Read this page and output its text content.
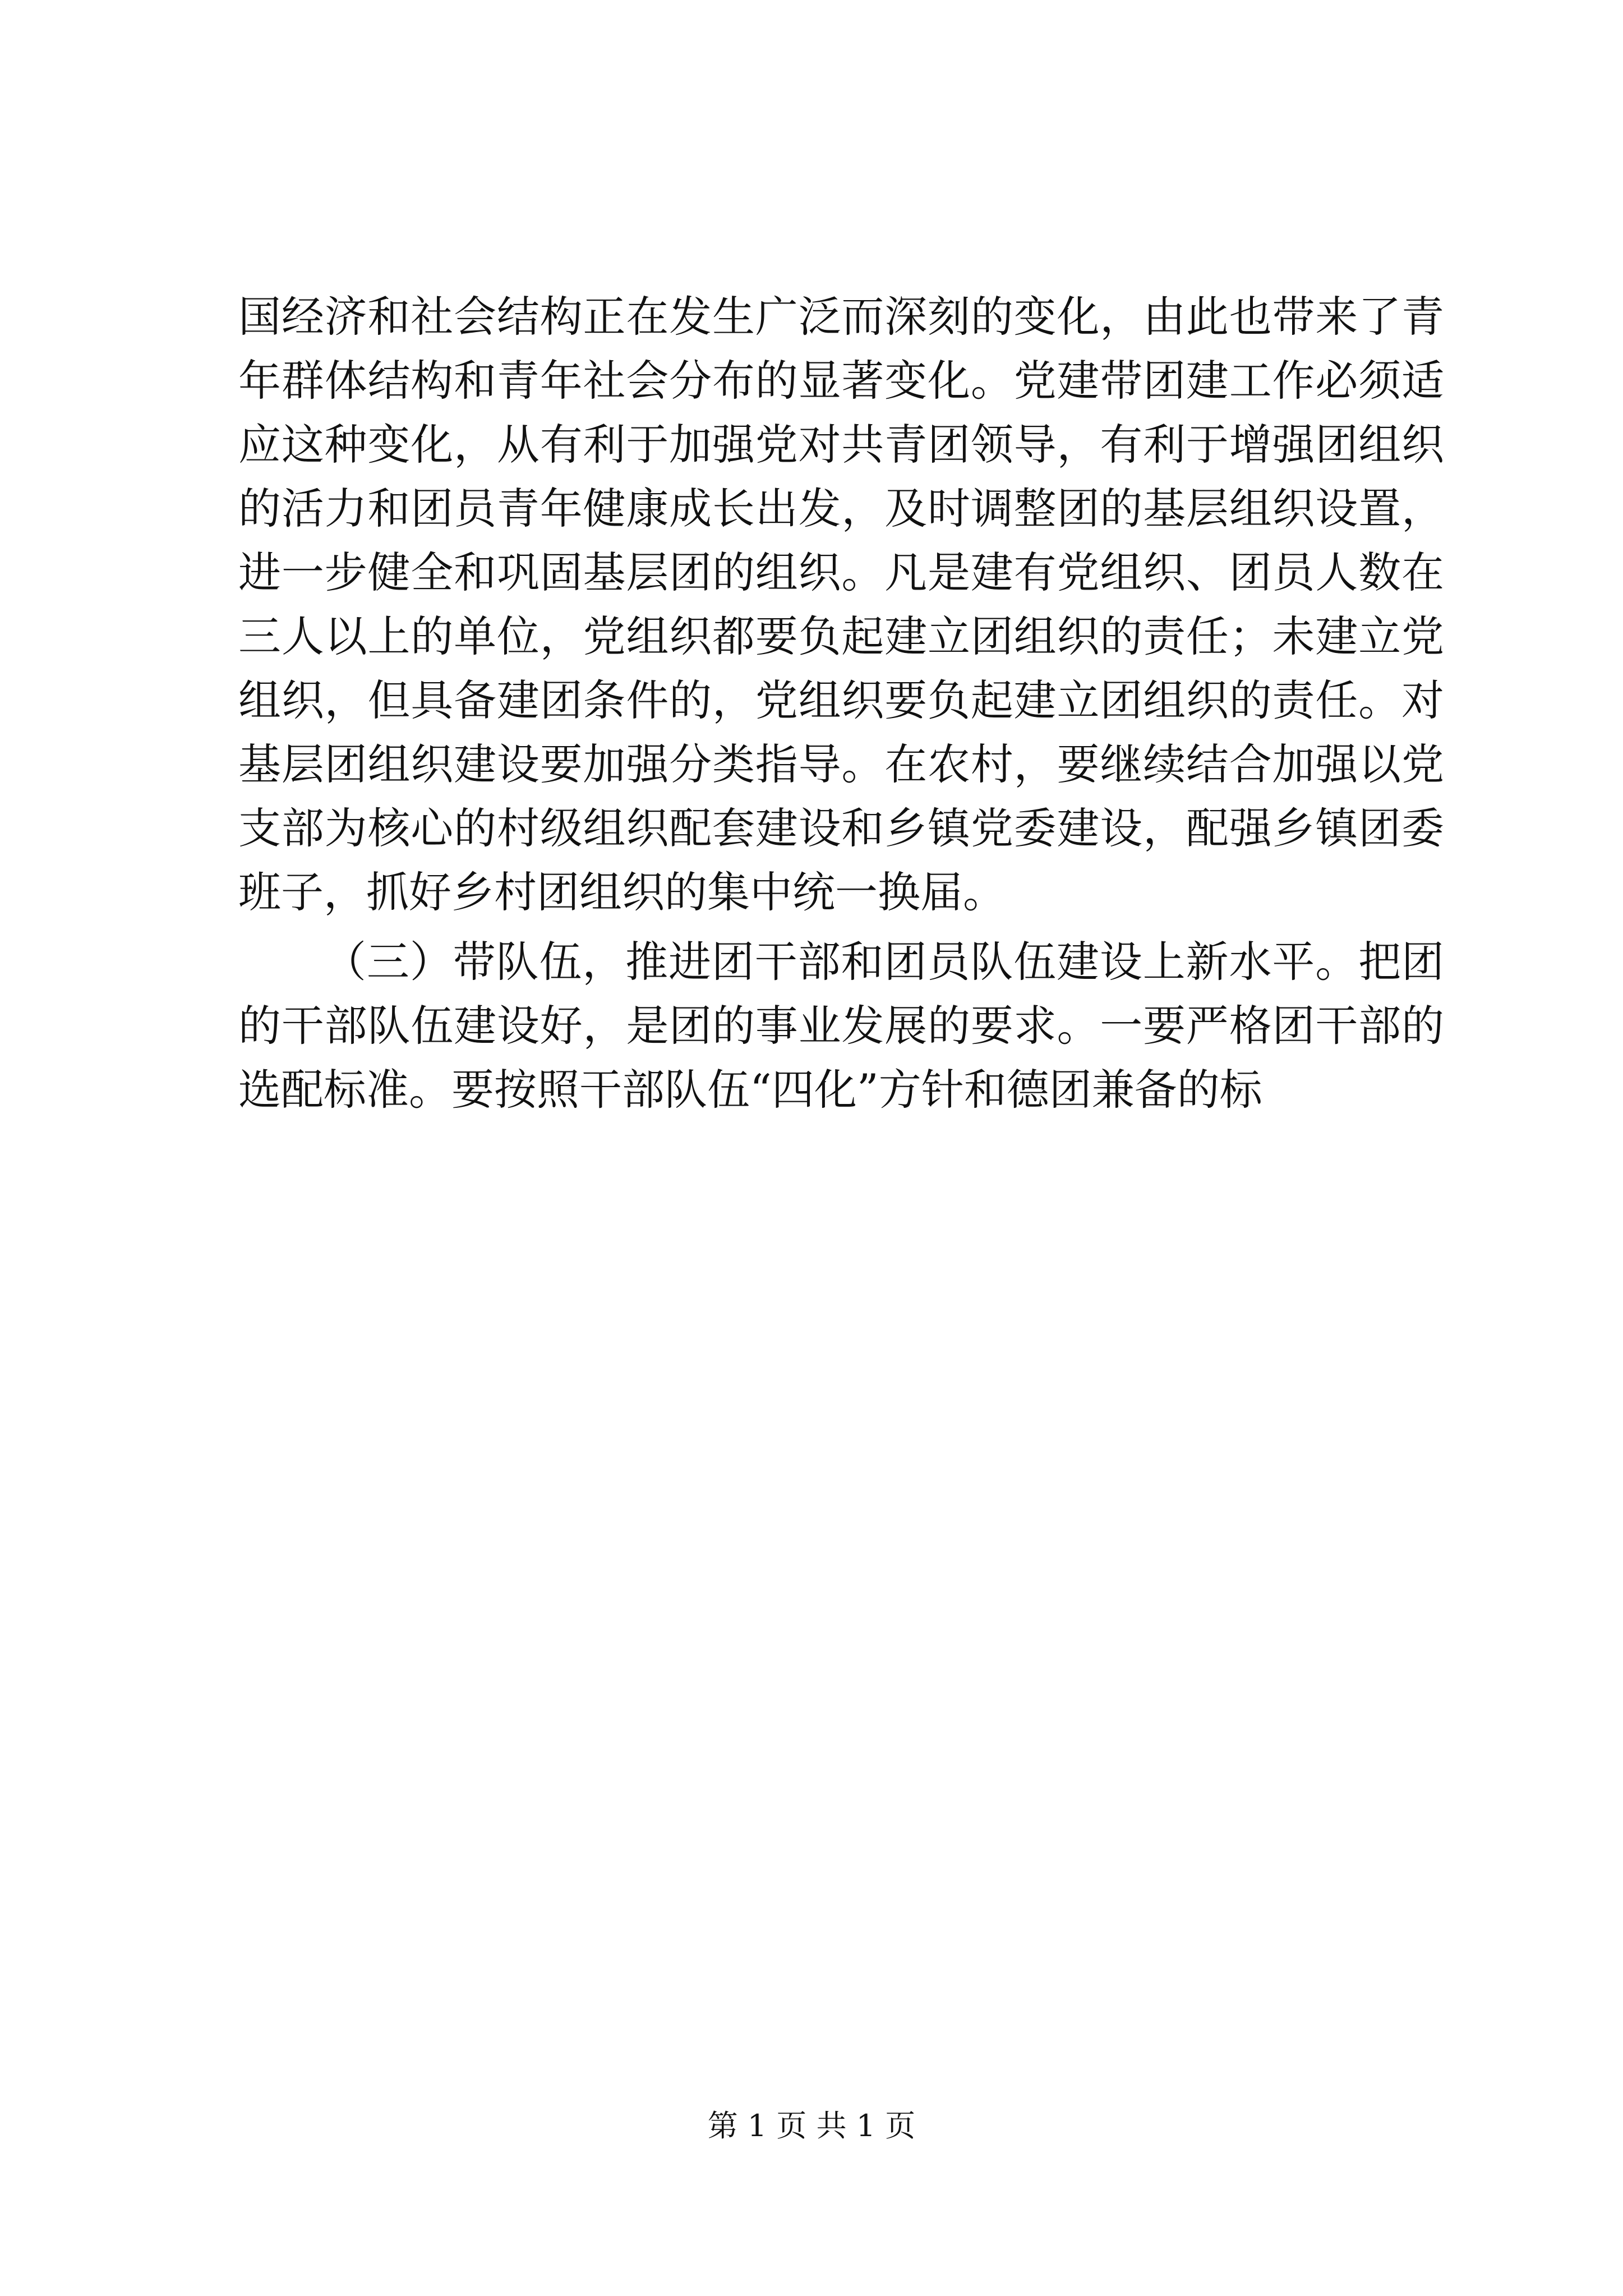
国经济和社会结构正在发生广泛而深刻的变化，由此也带来了青
年群体结构和青年社会分布的显著变化。党建带团建工作必须适
应这种变化，从有利于加强党对共青团领导，有利于增强团组织
的活力和团员青年健康成长出发，及时调整团的基层组织设置，
进一步健全和巩固基层团的组织。凡是建有党组织、团员人数在
三人以上的单位，党组织都要负起建立团组织的责任；未建立党
组织，但具备建团条件的，党组织要负起建立团组织的责任。对
基层团组织建设要加强分类指导。在农村，要继续结合加强以党
支部为核心的村级组织配套建设和乡镇党委建设，配强乡镇团委
班子，抓好乡村团组织的集中统一换届。
（三）带队伍，推进团干部和团员队伍建设上新水平。把团
的干部队伍建设好，是团的事业发展的要求。一要严格团干部的
选配标准。要按照干部队伍“四化”方针和德团兼备的标
第 1 页 共 1 页
